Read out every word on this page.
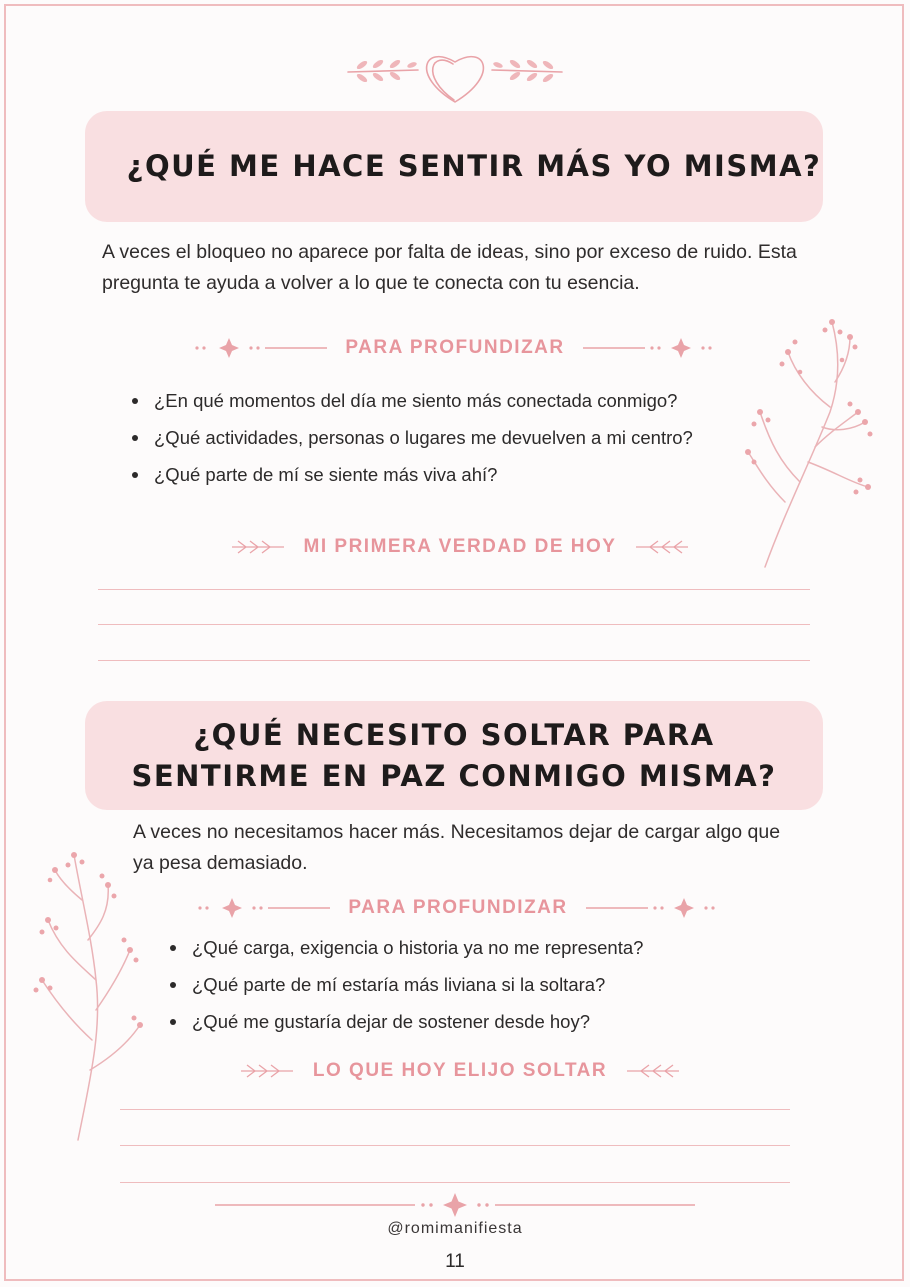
¿QUÉ ME HACE SENTIR MÁS YO MISMA?

A veces el bloqueo no aparece por falta de ideas, sino por exceso de ruido. Esta pregunta te ayuda a volver a lo que te conecta con tu esencia.

PARA PROFUNDIZAR
¿En qué momentos del día me siento más conectada conmigo?
¿Qué actividades, personas o lugares me devuelven a mi centro?
¿Qué parte de mí se siente más viva ahí?
MI PRIMERA VERDAD DE HOY
¿QUÉ NECESITO SOLTAR PARA
SENTIRME EN PAZ CONMIGO MISMA?

A veces no necesitamos hacer más. Necesitamos dejar de cargar algo que ya pesa demasiado.

PARA PROFUNDIZAR
¿Qué carga, exigencia o historia ya no me representa?
¿Qué parte de mí estaría más liviana si la soltara?
¿Qué me gustaría dejar de sostener desde hoy?
LO QUE HOY ELIJO SOLTAR
@romimanifiesta
11
